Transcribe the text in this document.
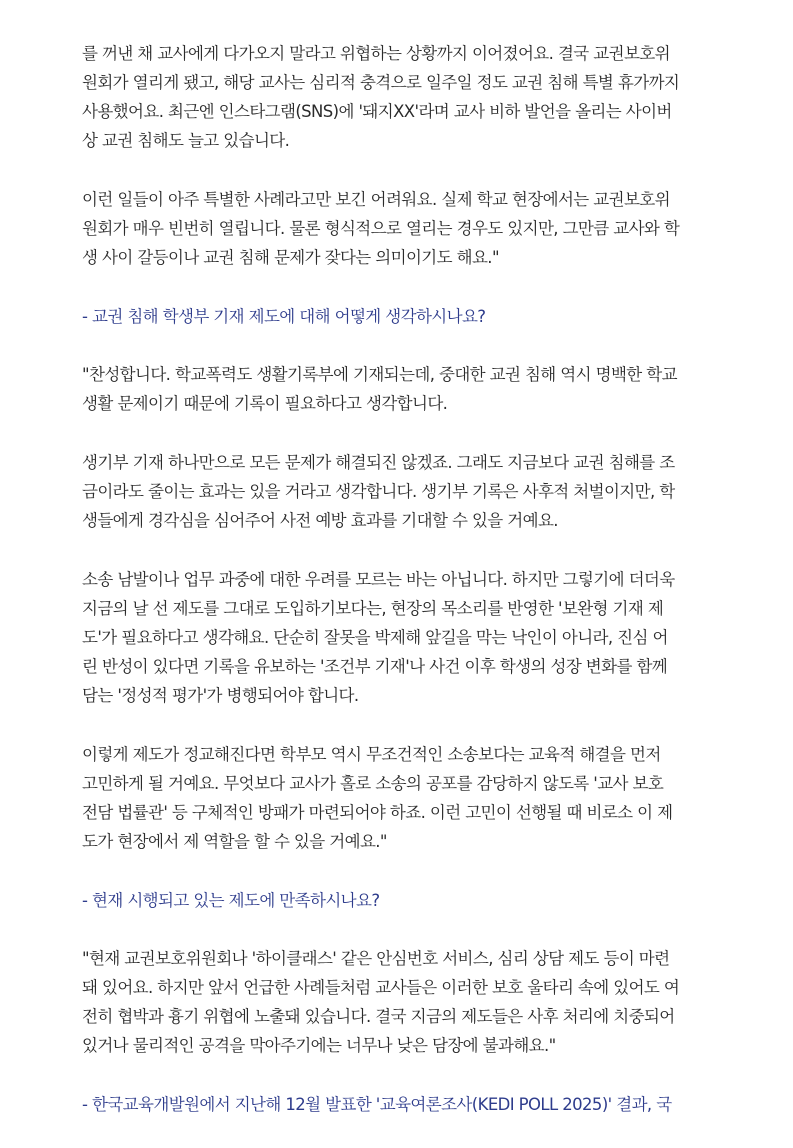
를 꺼낸 채 교사에게 다가오지 말라고 위협하는 상황까지 이어졌어요. 결국 교권보호위
원회가 열리게 됐고, 해당 교사는 심리적 충격으로 일주일 정도 교권 침해 특별 휴가까지
사용했어요. 최근엔 인스타그램(SNS)에 '돼지XX'라며 교사 비하 발언을 올리는 사이버
상 교권 침해도 늘고 있습니다.
이런 일들이 아주 특별한 사례라고만 보긴 어려워요. 실제 학교 현장에서는 교권보호위
원회가 매우 빈번히 열립니다. 물론 형식적으로 열리는 경우도 있지만, 그만큼 교사와 학
생 사이 갈등이나 교권 침해 문제가 잦다는 의미이기도 해요."
- 교권 침해 학생부 기재 제도에 대해 어떻게 생각하시나요?
"찬성합니다. 학교폭력도 생활기록부에 기재되는데, 중대한 교권 침해 역시 명백한 학교
생활 문제이기 때문에 기록이 필요하다고 생각합니다.
생기부 기재 하나만으로 모든 문제가 해결되진 않겠죠. 그래도 지금보다 교권 침해를 조
금이라도 줄이는 효과는 있을 거라고 생각합니다. 생기부 기록은 사후적 처벌이지만, 학
생들에게 경각심을 심어주어 사전 예방 효과를 기대할 수 있을 거예요.
소송 남발이나 업무 과중에 대한 우려를 모르는 바는 아닙니다. 하지만 그렇기에 더더욱
지금의 날 선 제도를 그대로 도입하기보다는, 현장의 목소리를 반영한 '보완형 기재 제
도'가 필요하다고 생각해요. 단순히 잘못을 박제해 앞길을 막는 낙인이 아니라, 진심 어
린 반성이 있다면 기록을 유보하는 '조건부 기재'나 사건 이후 학생의 성장 변화를 함께
담는 '정성적 평가'가 병행되어야 합니다.
이렇게 제도가 정교해진다면 학부모 역시 무조건적인 소송보다는 교육적 해결을 먼저
고민하게 될 거예요. 무엇보다 교사가 홀로 소송의 공포를 감당하지 않도록 '교사 보호
전담 법률관' 등 구체적인 방패가 마련되어야 하죠. 이런 고민이 선행될 때 비로소 이 제
도가 현장에서 제 역할을 할 수 있을 거예요."
- 현재 시행되고 있는 제도에 만족하시나요?
"현재 교권보호위원회나 '하이클래스' 같은 안심번호 서비스, 심리 상담 제도 등이 마련
돼 있어요. 하지만 앞서 언급한 사례들처럼 교사들은 이러한 보호 울타리 속에 있어도 여
전히 협박과 흉기 위협에 노출돼 있습니다. 결국 지금의 제도들은 사후 처리에 치중되어
있거나 물리적인 공격을 막아주기에는 너무나 낮은 담장에 불과해요."
- 한국교육개발원에서 지난해 12월 발표한 '교육여론조사(KEDI POLL 2025)' 결과, 국
